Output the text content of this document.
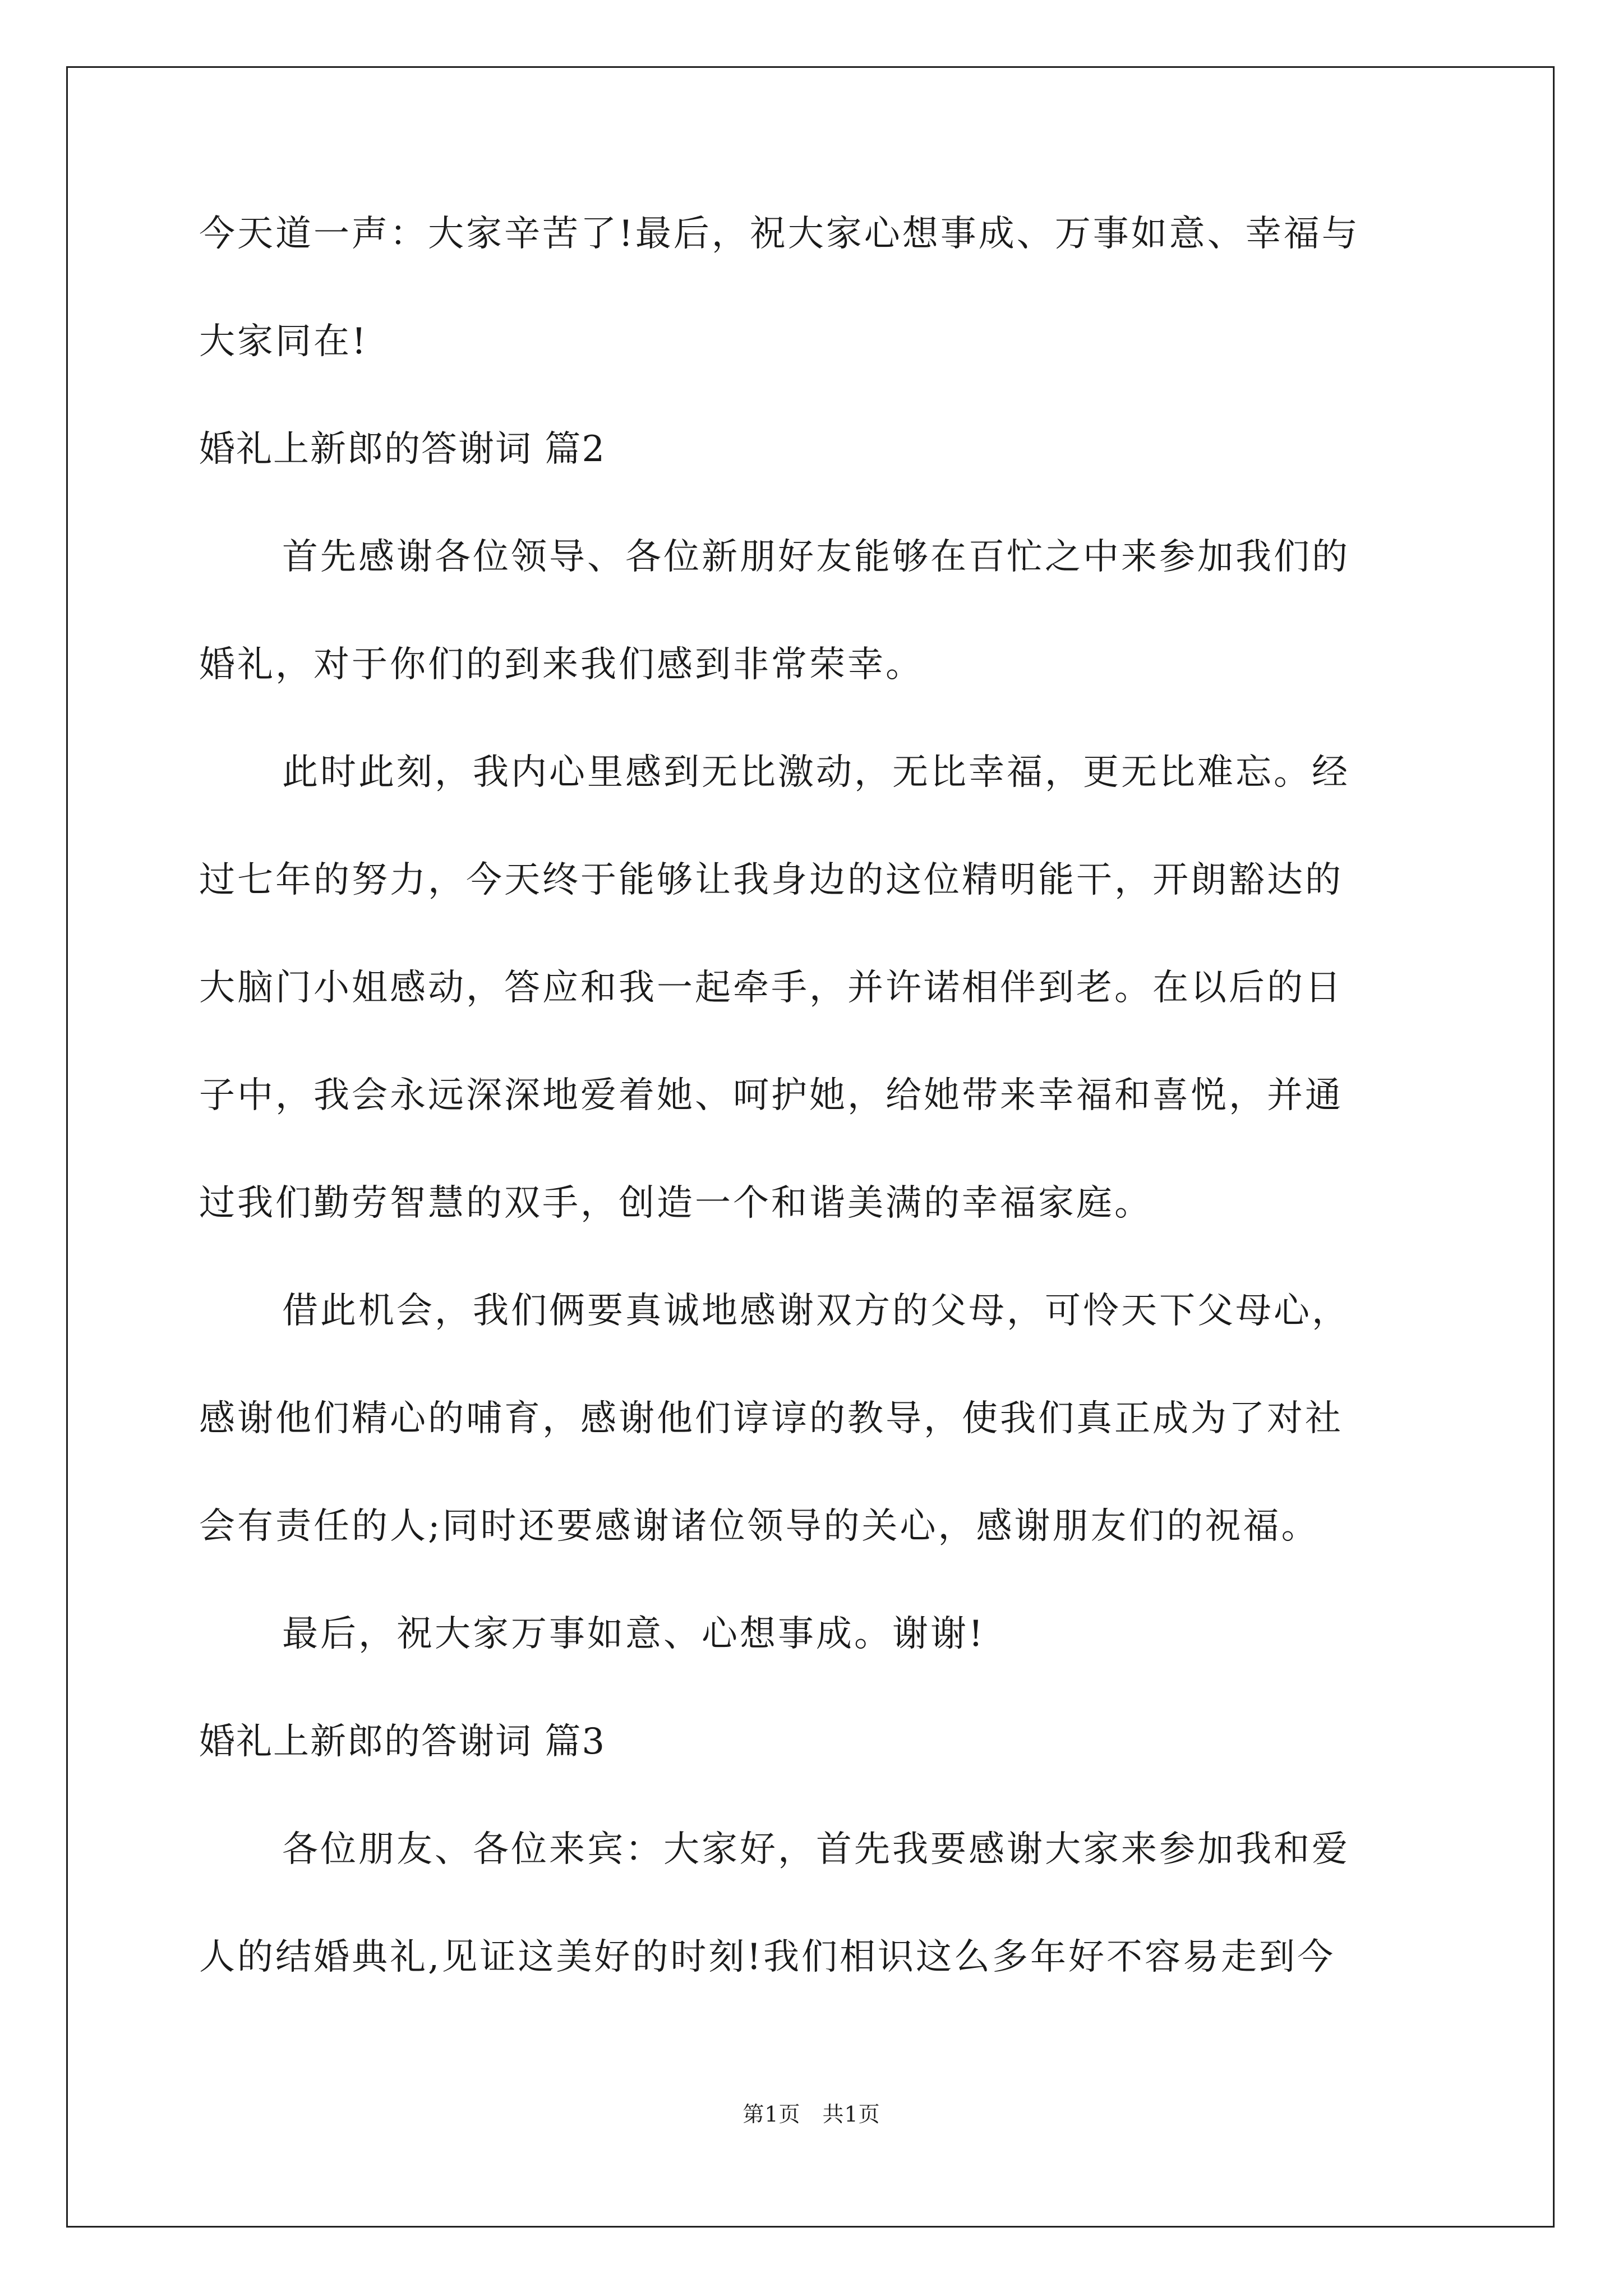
今天道一声：大家辛苦了!最后，祝大家心想事成、万事如意、幸福与

大家同在!

婚礼上新郎的答谢词 篇2

首先感谢各位领导、各位新朋好友能够在百忙之中来参加我们的

婚礼，对于你们的到来我们感到非常荣幸。

此时此刻，我内心里感到无比激动，无比幸福，更无比难忘。经

过七年的努力，今天终于能够让我身边的这位精明能干，开朗豁达的

大脑门小姐感动，答应和我一起牵手，并许诺相伴到老。在以后的日

子中，我会永远深深地爱着她、呵护她，给她带来幸福和喜悦，并通

过我们勤劳智慧的双手，创造一个和谐美满的幸福家庭。

借此机会，我们俩要真诚地感谢双方的父母，可怜天下父母心，

感谢他们精心的哺育，感谢他们谆谆的教导，使我们真正成为了对社

会有责任的人;同时还要感谢诸位领导的关心，感谢朋友们的祝福。

最后，祝大家万事如意、心想事成。谢谢!

婚礼上新郎的答谢词 篇3

各位朋友、各位来宾：大家好，首先我要感谢大家来参加我和爱

人的结婚典礼,见证这美好的时刻!我们相识这么多年好不容易走到今

第1页　共1页
